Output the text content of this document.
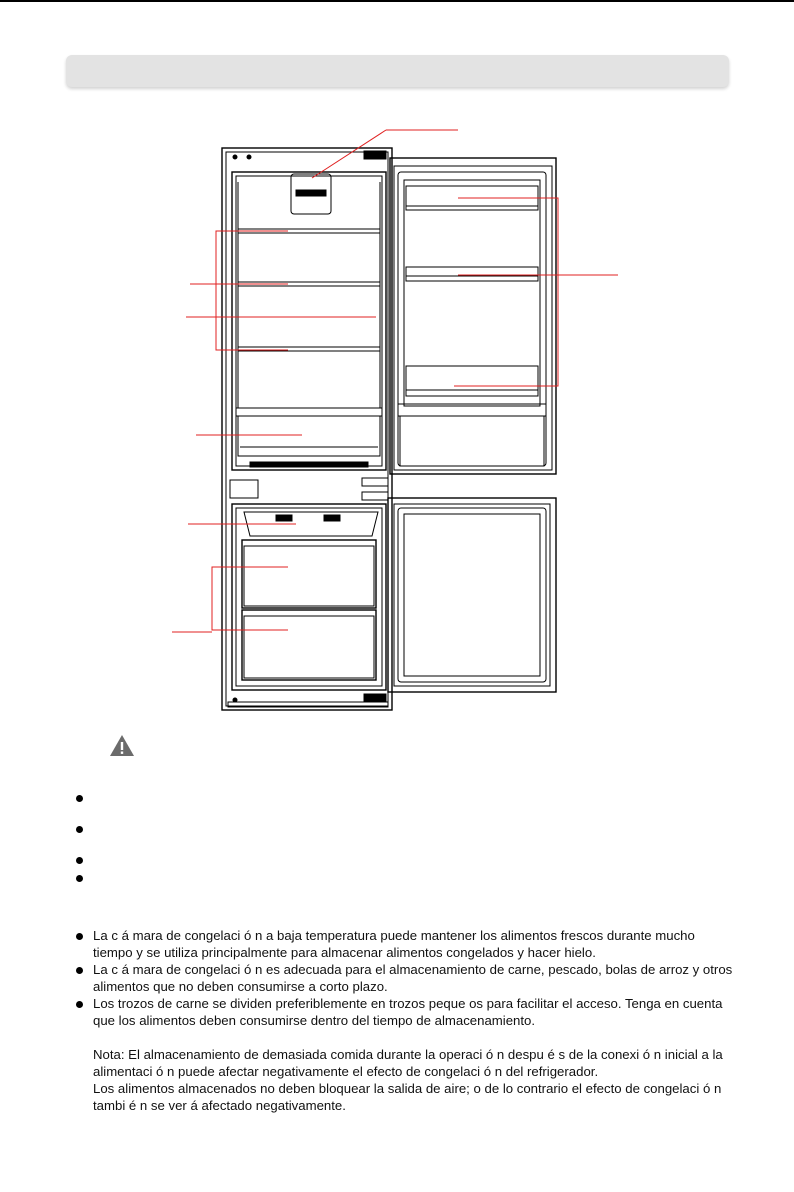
La c á mara de congelaci ó n a baja temperatura puede mantener los alimentos frescos durante mucho tiempo y se utiliza principalmente para almacenar alimentos congelados y hacer hielo.

La c á mara de congelaci ó n es adecuada para el almacenamiento de carne, pescado, bolas de arroz y otros alimentos que no deben consumirse a corto plazo.

Los trozos de carne se dividen preferiblemente en trozos peque os para facilitar el acceso. Tenga en cuenta que los alimentos deben consumirse dentro del tiempo de almacenamiento.

Nota: El almacenamiento de demasiada comida durante la operaci ó n despu é s de la conexi ó n inicial a la alimentaci ó n puede afectar negativamente el efecto de congelaci ó n del refrigerador.

Los alimentos almacenados no deben bloquear la salida de aire; o de lo contrario el efecto de congelaci ó n tambi é n se ver á afectado negativamente.
